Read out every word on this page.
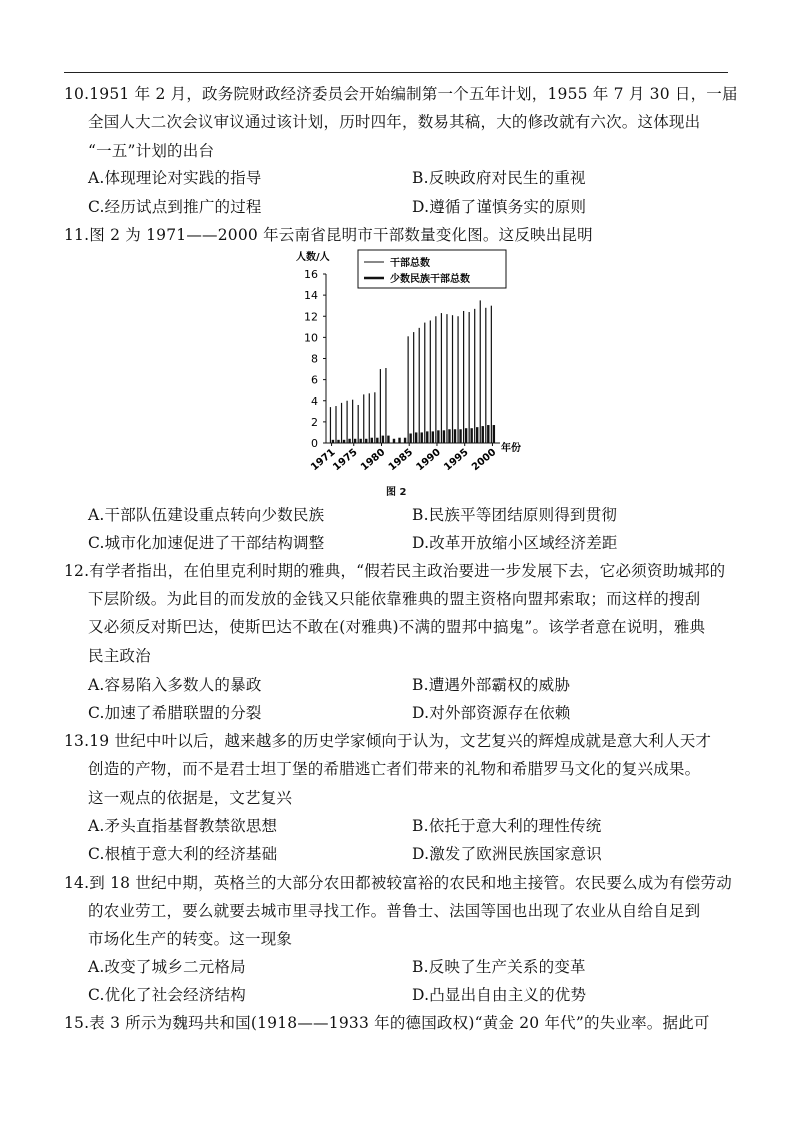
10.1951 年 2 月，政务院财政经济委员会开始编制第一个五年计划，1955 年 7 月 30 日，一届
全国人大二次会议审议通过该计划，历时四年，数易其稿，大的修改就有六次。这体现出
“一五”计划的出台
A.体现理论对实践的指导	B.反映政府对民生的重视
C.经历试点到推广的过程	D.遵循了谨慎务实的原则
11.图 2 为 1971——2000 年云南省昆明市干部数量变化图。这反映出昆明
0
2
4
6
8
10
12
14
16
人数/人
1971
1975 1980 1985 1990 1995 2000 年份
干部总数
少数民族干部总数
图 2
A.干部队伍建设重点转向少数民族	B.民族平等团结原则得到贯彻
C.城市化加速促进了干部结构调整	D.改革开放缩小区域经济差距
12.有学者指出，在伯里克利时期的雅典，“假若民主政治要进一步发展下去，它必须资助城邦的
下层阶级。为此目的而发放的金钱又只能依靠雅典的盟主资格向盟邦索取；而这样的搜刮
又必须反对斯巴达，使斯巴达不敢在(对雅典)不满的盟邦中搞鬼”。该学者意在说明，雅典
民主政治
A.容易陷入多数人的暴政	B.遭遇外部霸权的威胁
C.加速了希腊联盟的分裂	D.对外部资源存在依赖
13.19 世纪中叶以后，越来越多的历史学家倾向于认为，文艺复兴的辉煌成就是意大利人天才
创造的产物，而不是君士坦丁堡的希腊逃亡者们带来的礼物和希腊罗马文化的复兴成果。
这一观点的依据是，文艺复兴
A.矛头直指基督教禁欲思想	B.依托于意大利的理性传统
C.根植于意大利的经济基础	D.激发了欧洲民族国家意识
14.到 18 世纪中期，英格兰的大部分农田都被较富裕的农民和地主接管。农民要么成为有偿劳动
的农业劳工，要么就要去城市里寻找工作。普鲁士、法国等国也出现了农业从自给自足到
市场化生产的转变。这一现象
A.改变了城乡二元格局	B.反映了生产关系的变革
C.优化了社会经济结构	D.凸显出自由主义的优势
15.表 3 所示为魏玛共和国(1918——1933 年的德国政权)“黄金 20 年代”的失业率。据此可
